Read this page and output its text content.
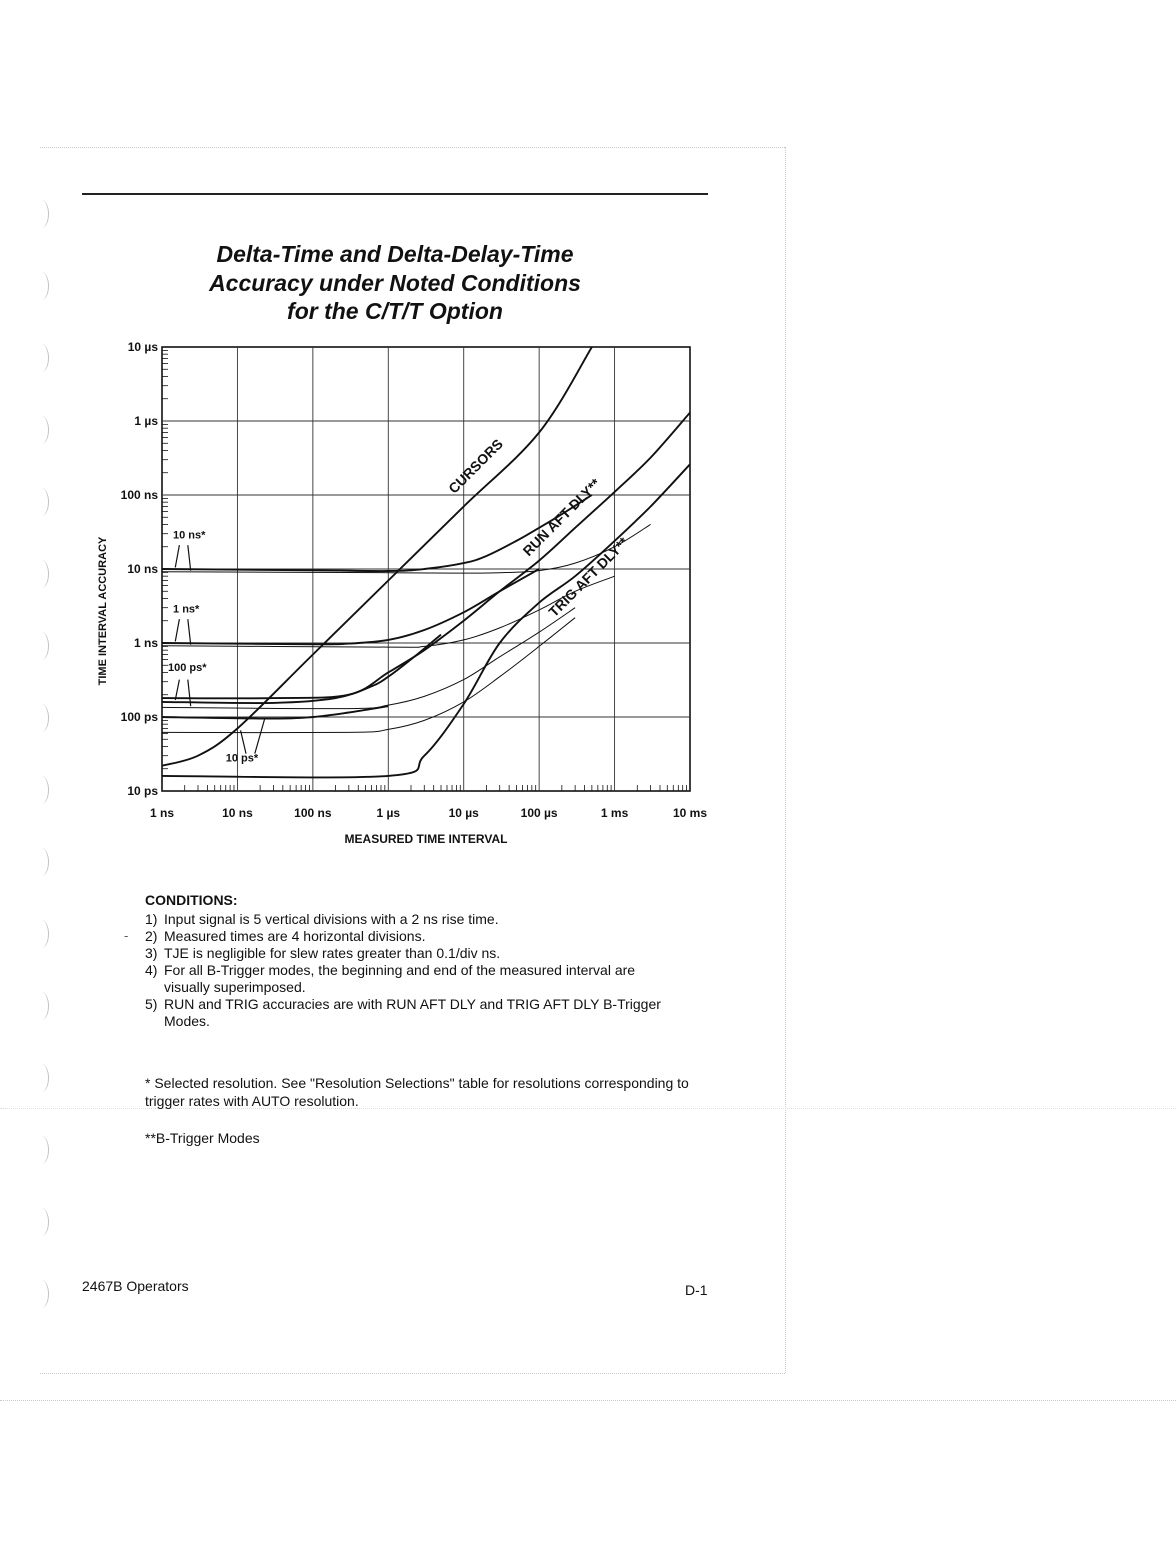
Delta-Time and Delta-Delay-Time
Accuracy under Noted Conditions
for the C/T/T Option
1 ns	10 ns	100 ns	1 µs	10 µs	100 µs	1 ms	10 ms
10 ps
100 ps
1 ns
10 ns
100 ns
1 µs
10 µs
MEASURED TIME INTERVAL
TIME INTERVAL ACCURACY
CURSORS
RUN AFT DLY**
TRIG AFT DLY**
10 ns*
1 ns*
100 ps*
10 ps*
-
CONDITIONS:
1) Input signal is 5 vertical divisions with a 2 ns rise time.
2) Measured times are 4 horizontal divisions.
3) TJE is negligible for slew rates greater than 0.1/div ns.
4) For all B-Trigger modes, the beginning and end of the measured interval are visually superimposed.
5) RUN and TRIG accuracies are with RUN AFT DLY and TRIG AFT DLY B-Trigger Modes.
* Selected resolution. See "Resolution Selections" table for resolutions corresponding to trigger rates with AUTO resolution.
**B-Trigger Modes
2467B Operators	D-1
